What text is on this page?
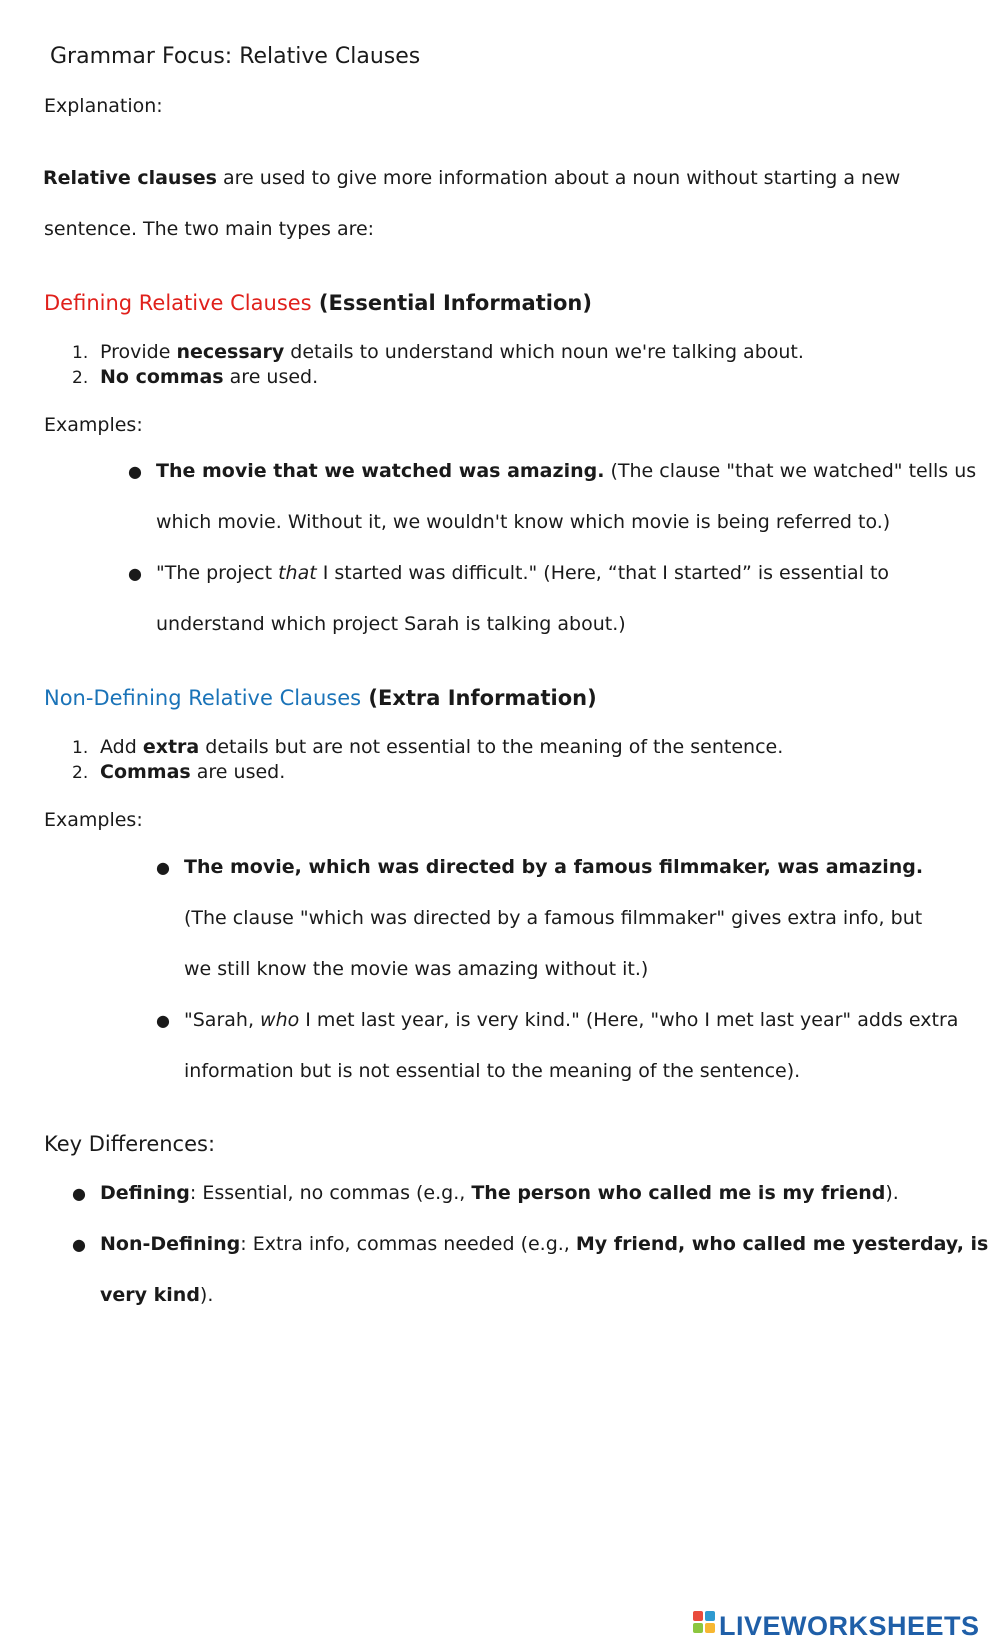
Grammar Focus: Relative Clauses
Explanation:
Relative clauses are used to give more information about a noun without starting a new
sentence. The two main types are:
Defining Relative Clauses (Essential Information)
1. Provide necessary details to understand which noun we're talking about.
2. No commas are used.
Examples:
● The movie that we watched was amazing. (The clause "that we watched" tells us
which movie. Without it, we wouldn't know which movie is being referred to.)
● "The project that I started was difficult." (Here, “that I started” is essential to
understand which project Sarah is talking about.)
Non-Defining Relative Clauses (Extra Information)
1. Add extra details but are not essential to the meaning of the sentence.
2. Commas are used.
Examples:
● The movie, which was directed by a famous filmmaker, was amazing.
(The clause "which was directed by a famous filmmaker" gives extra info, but
we still know the movie was amazing without it.)
● "Sarah, who I met last year, is very kind." (Here, "who I met last year" adds extra
information but is not essential to the meaning of the sentence).
Key Differences:
● Defining: Essential, no commas (e.g., The person who called me is my friend).
● Non-Defining: Extra info, commas needed (e.g., My friend, who called me yesterday, is
very kind).
LIVEWORKSHEETS
